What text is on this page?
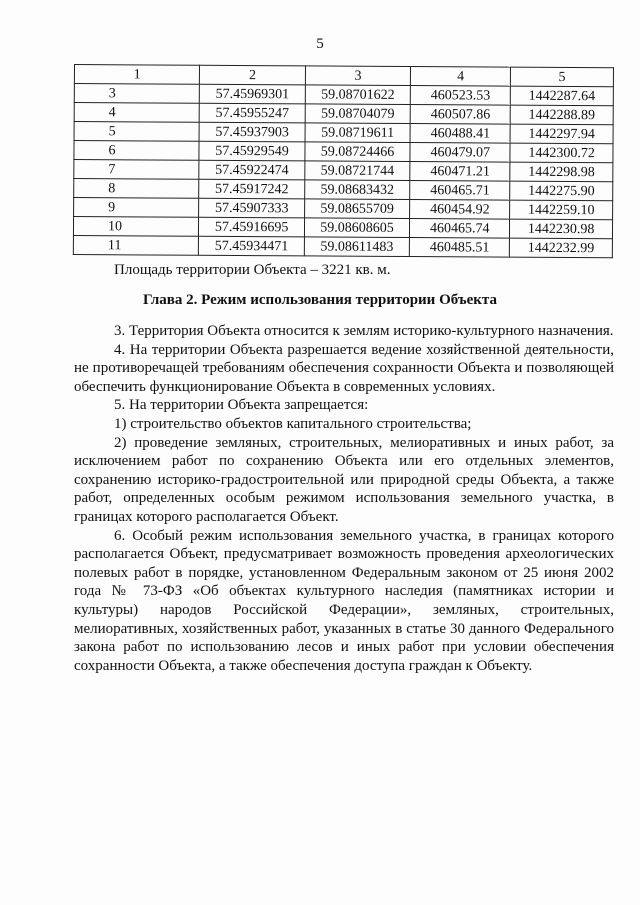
5
1	2	3	4	5
3	57.45969301	59.08701622	460523.53	1442287.64
4	57.45955247	59.08704079	460507.86	1442288.89
5	57.45937903	59.08719611	460488.41	1442297.94
6	57.45929549	59.08724466	460479.07	1442300.72
7	57.45922474	59.08721744	460471.21	1442298.98
8	57.45917242	59.08683432	460465.71	1442275.90
9	57.45907333	59.08655709	460454.92	1442259.10
10	57.45916695	59.08608605	460465.74	1442230.98
11	57.45934471	59.08611483	460485.51	1442232.99
Площадь территории Объекта – 3221 кв. м.
Глава 2. Режим использования территории Объекта

3. Территория Объекта относится к землям историко-культурного назначения.

4. На территории Объекта разрешается ведение хозяйственной деятельности, не противоречащей требованиям обеспечения сохранности Объекта и позволяющей обеспечить функционирование Объекта в современных условиях.

5. На территории Объекта запрещается:

1) строительство объектов капитального строительства;

2) проведение земляных, строительных, мелиоративных и иных работ, за исключением работ по сохранению Объекта или его отдельных элементов, сохранению историко-градостроительной или природной среды Объекта, а также работ, определенных особым режимом использования земельного участка, в границах которого располагается Объект.

6. Особый режим использования земельного участка, в границах которого располагается Объект, предусматривает возможность проведения археологических полевых работ в порядке, установленном Федеральным законом от 25 июня 2002 года № 73-ФЗ «Об объектах культурного наследия (памятниках истории и культуры) народов Российской Федерации», земляных, строительных, мелиоративных, хозяйственных работ, указанных в статье 30 данного Федерального закона работ по использованию лесов и иных работ при условии обеспечения сохранности Объекта, а также обеспечения доступа граждан к Объекту.
